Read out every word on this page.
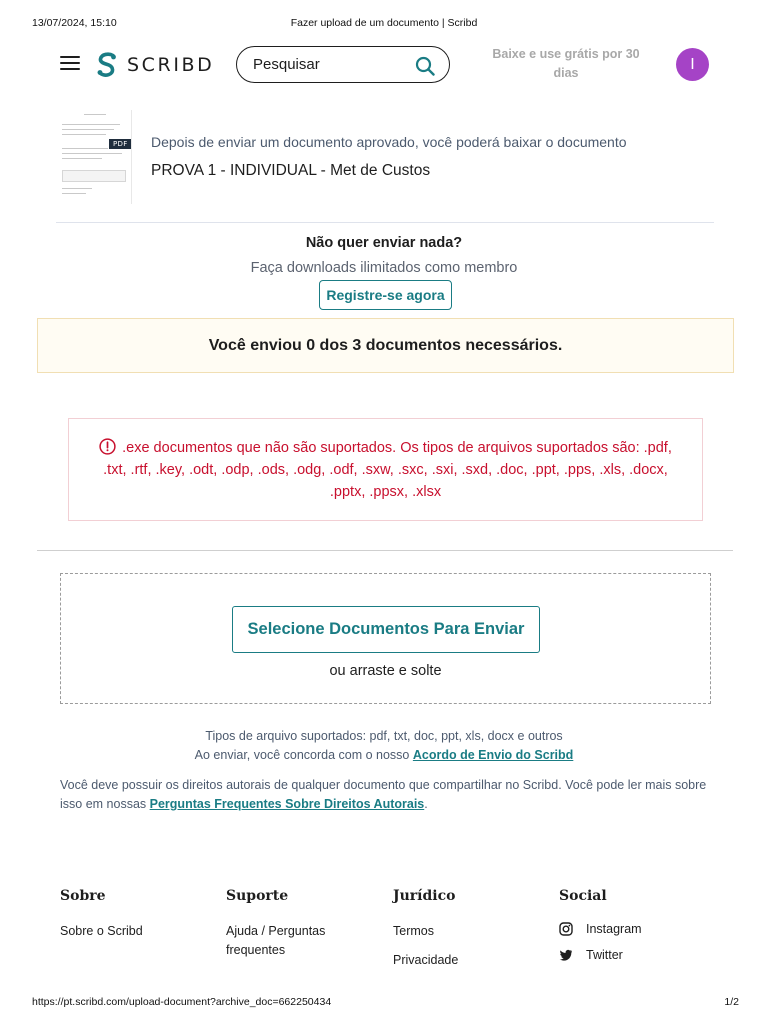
13/07/2024, 15:10	Fazer upload de um documento | Scribd
SCRIBD
Pesquisar	Baixe e use grátis por 30 dias
I
PDF Depois de enviar um documento aprovado, você poderá baixar o documento
PROVA 1 - INDIVIDUAL - Met de Custos
Não quer enviar nada?

Faça downloads ilimitados como membro

Registre-se agora
Você enviou 0 dos 3 documentos necessários.
.exe documentos que não são suportados. Os tipos de arquivos suportados são: .pdf, .txt, .rtf, .key, .odt, .odp, .ods, .odg, .odf, .sxw, .sxc, .sxi, .sxd, .doc, .ppt, .pps, .xls, .docx, .pptx, .ppsx, .xlsx
Selecione Documentos Para Enviar
ou arraste e solte
Tipos de arquivo suportados: pdf, txt, doc, ppt, xls, docx e outros
Ao enviar, você concorda com o nosso Acordo de Envio do Scribd
Você deve possuir os direitos autorais de qualquer documento que compartilhar no Scribd. Você pode ler mais sobre isso em nossas Perguntas Frequentes Sobre Direitos Autorais.
Sobre
Sobre o Scribd
Suporte
Ajuda / Perguntas frequentes
Jurídico
Termos
Privacidade
Social
Instagram
Twitter
https://pt.scribd.com/upload-document?archive_doc=662250434	1/2
